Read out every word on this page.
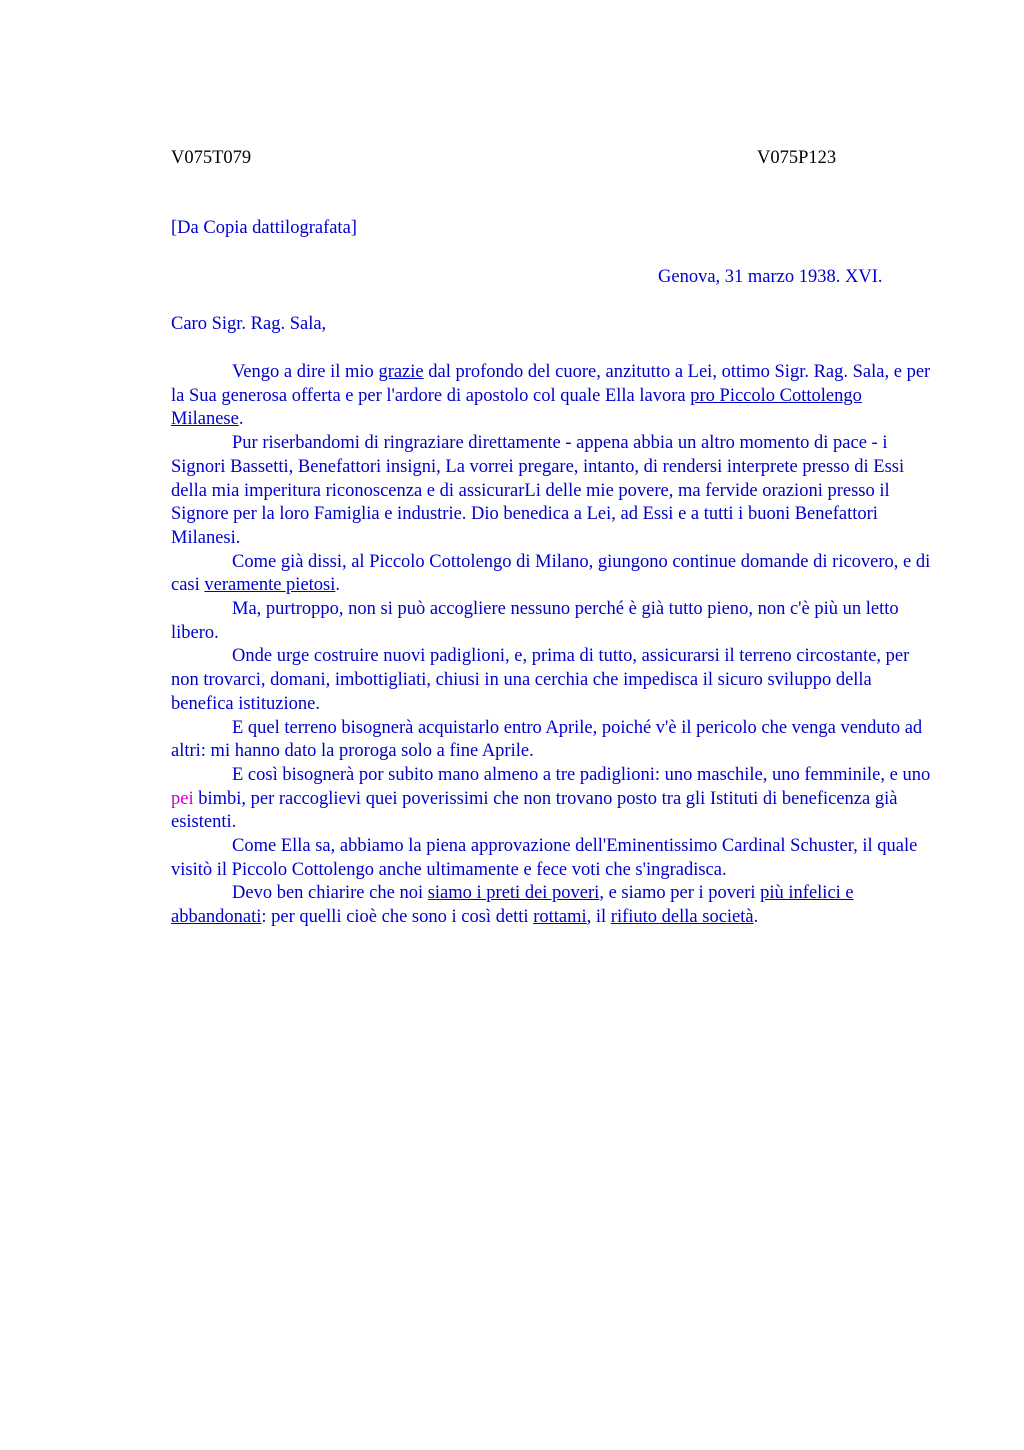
V075T079	V075P123
[Da Copia dattilografata]
Genova, 31 marzo 1938. XVI.
Caro Sigr. Rag. Sala,

Vengo a dire il mio grazie dal profondo del cuore, anzitutto a Lei, ottimo Sigr. Rag. Sala, e per la Sua generosa offerta e per l'ardore di apostolo col quale Ella lavora pro Piccolo Cottolengo Milanese.

Pur riserbandomi di ringraziare direttamente - appena abbia un altro momento di pace - i Signori Bassetti, Benefattori insigni, La vorrei pregare, intanto, di rendersi interprete presso di Essi della mia imperitura riconoscenza e di assicurarLi delle mie povere, ma fervide orazioni presso il Signore per la loro Famiglia e industrie. Dio benedica a Lei, ad Essi e a tutti i buoni Benefattori Milanesi.

Come già dissi, al Piccolo Cottolengo di Milano, giungono continue domande di ricovero, e di casi veramente pietosi.

Ma, purtroppo, non si può accogliere nessuno perché è già tutto pieno, non c'è più un letto libero.

Onde urge costruire nuovi padiglioni, e, prima di tutto, assicurarsi il terreno circostante, per non trovarci, domani, imbottigliati, chiusi in una cerchia che impedisca il sicuro sviluppo della benefica istituzione.

E quel terreno bisognerà acquistarlo entro Aprile, poiché v'è il pericolo che venga venduto ad altri: mi hanno dato la proroga solo a fine Aprile.

E così bisognerà por subito mano almeno a tre padiglioni: uno maschile, uno femminile, e uno pei bimbi, per raccoglievi quei poverissimi che non trovano posto tra gli Istituti di beneficenza già esistenti.

Come Ella sa, abbiamo la piena approvazione dell'Eminentissimo Cardinal Schuster, il quale visitò il Piccolo Cottolengo anche ultimamente e fece voti che s'ingradisca.

Devo ben chiarire che noi siamo i preti dei poveri, e siamo per i poveri più infelici e abbandonati: per quelli cioè che sono i così detti rottami, il rifiuto della società.
